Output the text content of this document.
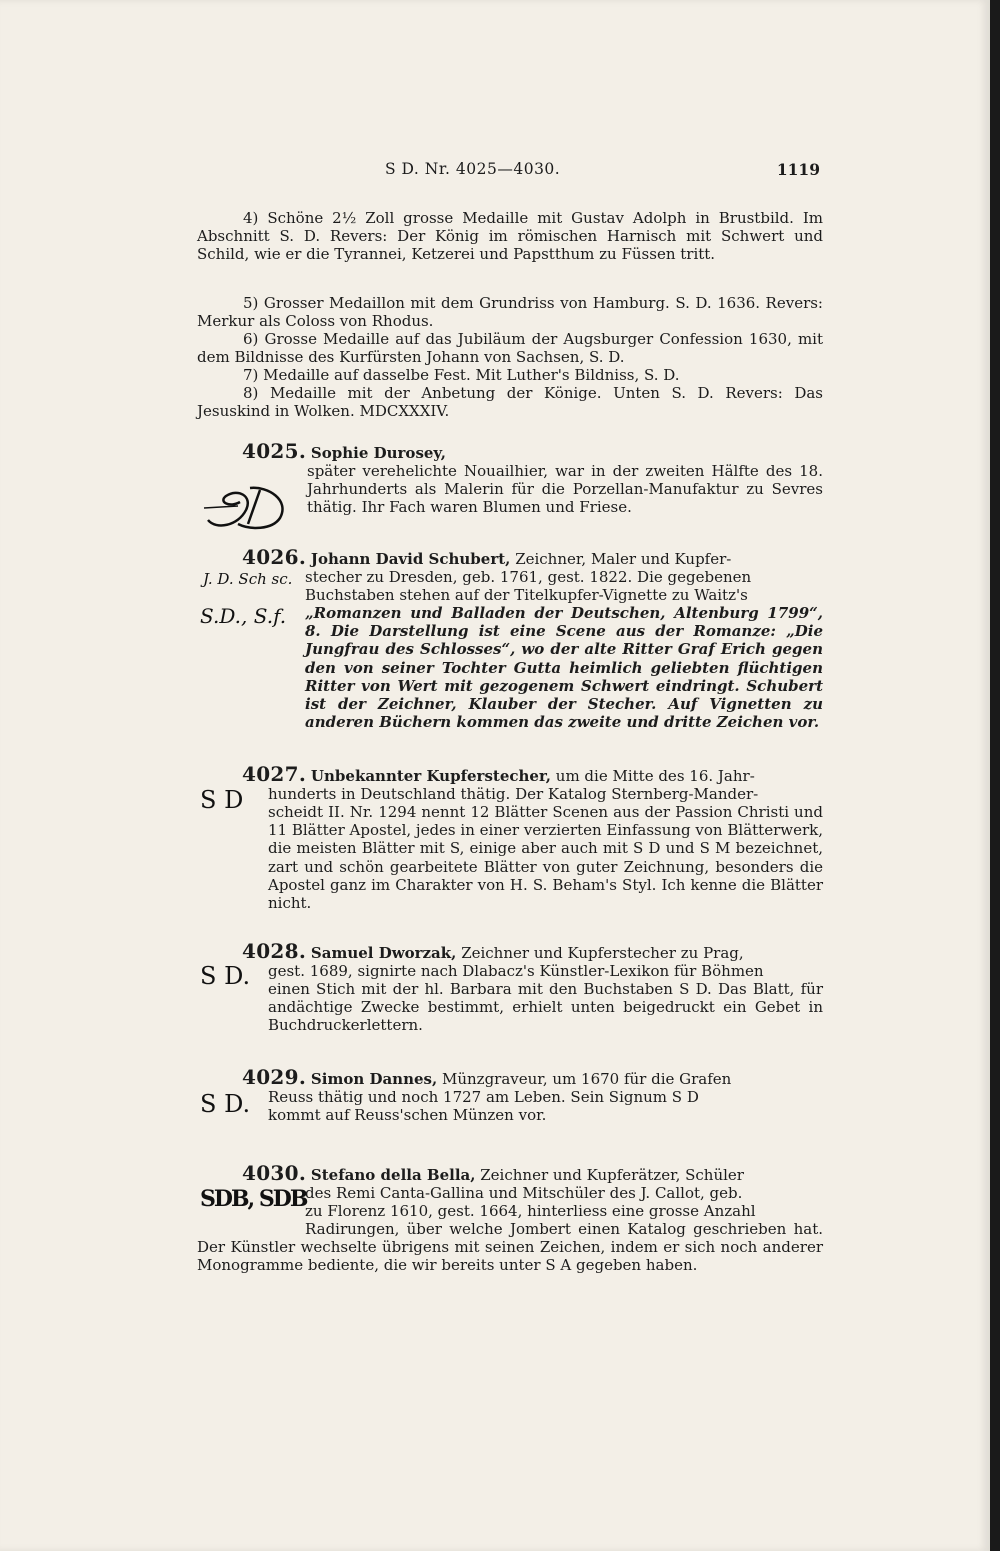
S D. Nr. 4025—4030.	1119
4) Schöne 2½ Zoll grosse Medaille mit Gustav Adolph in Brustbild. Im Abschnitt S. D. Revers: Der König im römischen Harnisch mit Schwert und Schild, wie er die Tyrannei, Ketzerei und Papstthum zu Füssen tritt.
5) Grosser Medaillon mit dem Grundriss von Hamburg. S. D. 1636. Revers: Merkur als Coloss von Rhodus.
6) Grosse Medaille auf das Jubiläum der Augsburger Confession 1630, mit dem Bildnisse des Kurfürsten Johann von Sachsen, S. D.
7) Medaille auf dasselbe Fest. Mit Luther's Bildniss, S. D.
8) Medaille mit der Anbetung der Könige. Unten S. D. Revers: Das Jesuskind in Wolken. MDCXXXIV.
4025. Sophie Durosey,
später verehelichte Nouailhier, war in der zweiten Hälfte des 18. Jahrhunderts als Malerin für die Porzellan-Manufaktur zu Sevres thätig. Ihr Fach waren Blumen und Friese.
4026. Johann David Schubert, Zeichner, Maler und Kupfer-
stecher zu Dresden, geb. 1761, gest. 1822. Die gegebenen
Buchstaben stehen auf der Titelkupfer-Vignette zu Waitz's
„Romanzen und Balladen der Deutschen, Altenburg 1799“, 8. Die Darstellung ist eine Scene aus der Romanze: „Die Jungfrau des Schlosses“, wo der alte Ritter Graf Erich gegen den von seiner Tochter Gutta heimlich geliebten flüchtigen Ritter von Wert mit gezogenem Schwert eindringt. Schubert ist der Zeichner, Klauber der Stecher. Auf Vignetten zu anderen Büchern kommen das zweite und dritte Zeichen vor.
J. D. Sch sc.
S.D., S.f.
4027. Unbekannter Kupferstecher, um die Mitte des 16. Jahr-
hunderts in Deutschland thätig. Der Katalog Sternberg-Mander-
scheidt II. Nr. 1294 nennt 12 Blätter Scenen aus der Passion Christi und 11 Blätter Apostel, jedes in einer verzierten Einfassung von Blätterwerk, die meisten Blätter mit S, einige aber auch mit S D und S M bezeichnet, zart und schön gearbeitete Blätter von guter Zeichnung, besonders die Apostel ganz im Charakter von H. S. Beham's Styl. Ich kenne die Blätter nicht.
S D
4028. Samuel Dworzak, Zeichner und Kupferstecher zu Prag,
gest. 1689, signirte nach Dlabacz's Künstler-Lexikon für Böhmen
einen Stich mit der hl. Barbara mit den Buchstaben S D. Das Blatt, für andächtige Zwecke bestimmt, erhielt unten beigedruckt ein Gebet in Buchdruckerlettern.
S D.
4029. Simon Dannes, Münzgraveur, um 1670 für die Grafen
Reuss thätig und noch 1727 am Leben. Sein Signum S D
kommt auf Reuss'schen Münzen vor.
S D.
4030. Stefano della Bella, Zeichner und Kupferätzer, Schüler
des Remi Canta-Gallina und Mitschüler des J. Callot, geb.
zu Florenz 1610, gest. 1664, hinterliess eine grosse Anzahl
Radirungen, über welche Jombert einen Katalog geschrieben hat. Der Künstler wechselte übrigens mit seinen Zeichen, indem er sich noch anderer Monogramme bediente, die wir bereits unter S A gegeben haben.
SDB, SDB
